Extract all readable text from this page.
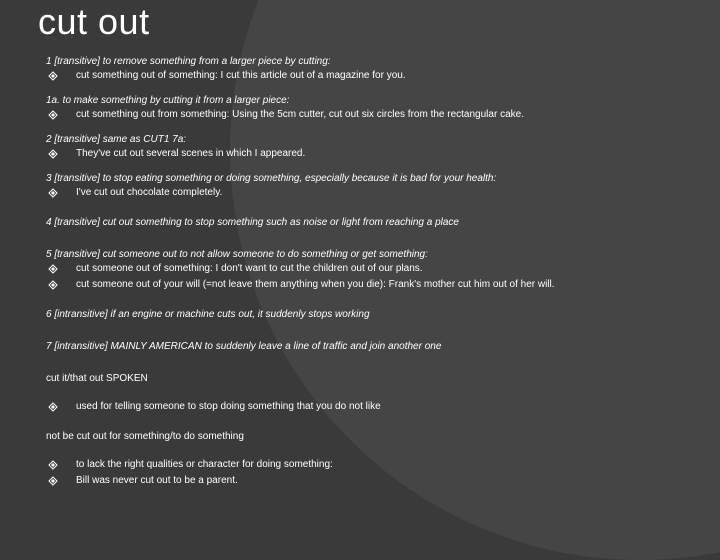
cut out
1 [transitive] to remove something from a larger piece by cutting:
cut something out of something: I cut this article out of a magazine for you.
1a. to make something by cutting it from a larger piece:
cut something out from something: Using the 5cm cutter, cut out six circles from the rectangular cake.
2 [transitive] same as CUT1 7a:
They've cut out several scenes in which I appeared.
3 [transitive] to stop eating something or doing something, especially because it is bad for your health:
I've cut out chocolate completely.
4 [transitive] cut out something to stop something such as noise or light from reaching a place
5 [transitive] cut someone out to not allow someone to do something or get something:
cut someone out of something: I don't want to cut the children out of our plans.
cut someone out of your will (=not leave them anything when you die): Frank's mother cut him out of her will.
6 [intransitive] if an engine or machine cuts out, it suddenly stops working
7 [intransitive] MAINLY AMERICAN to suddenly leave a line of traffic and join another one
cut it/that out SPOKEN
used for telling someone to stop doing something that you do not like
not be cut out for something/to do something
to lack the right qualities or character for doing something:
Bill was never cut out to be a parent.
